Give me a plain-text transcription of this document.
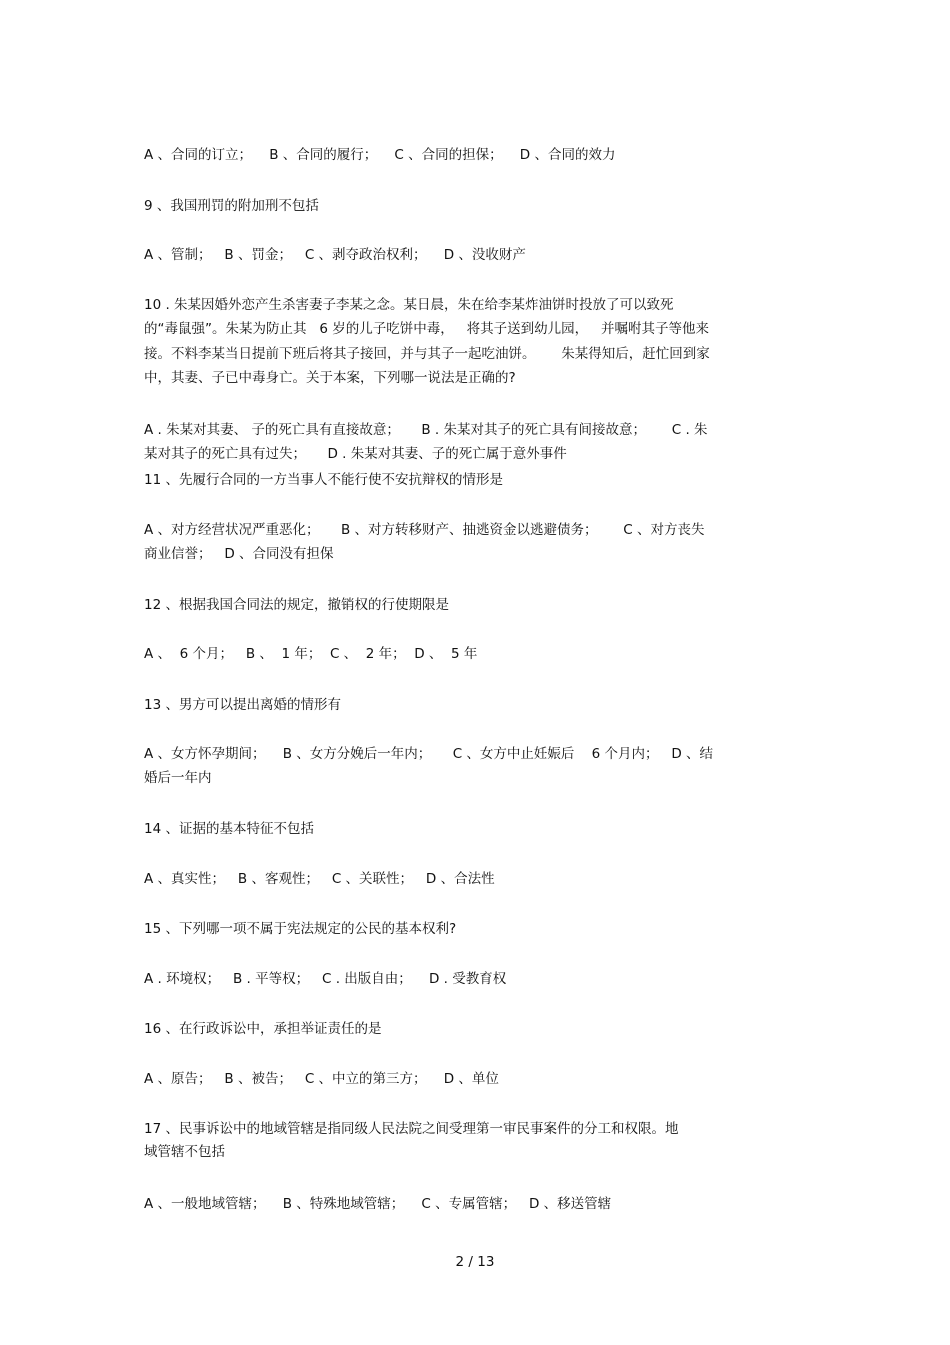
A 、合同的订立；    B 、合同的履行；    C 、合同的担保；    D 、合同的效力
9 、我国刑罚的附加刑不包括
A 、管制；   B 、罚金；   C 、剥夺政治权利；    D 、没收财产
10 . 朱某因婚外恋产生杀害妻子李某之念。某日晨，朱在给李某炸油饼时投放了可以致死
的“毒鼠强”。朱某为防止其   6 岁的儿子吃饼中毒，   将其子送到幼儿园，   并嘱咐其子等他来
接。不料李某当日提前下班后将其子接回，并与其子一起吃油饼。      朱某得知后，赶忙回到家
中，其妻、子已中毒身亡。关于本案，下列哪一说法是正确的?
A . 朱某对其妻、 子的死亡具有直接故意；     B . 朱某对其子的死亡具有间接故意；      C . 朱
某对其子的死亡具有过失；     D . 朱某对其妻、子的死亡属于意外事件
11 、先履行合同的一方当事人不能行使不安抗辩权的情形是
A 、对方经营状况严重恶化；     B 、对方转移财产、抽逃资金以逃避债务；      C 、对方丧失
商业信誉；   D 、合同没有担保
12 、根据我国合同法的规定，撤销权的行使期限是
A 、  6 个月；   B 、  1 年；  C 、  2 年；  D 、  5 年
13 、男方可以提出离婚的情形有
A 、女方怀孕期间；    B 、女方分娩后一年内；     C 、女方中止妊娠后    6 个月内；   D 、结
婚后一年内
14 、证据的基本特征不包括
A 、真实性；   B 、客观性；   C 、关联性；   D 、合法性
15 、下列哪一项不属于宪法规定的公民的基本权利?
A . 环境权；   B . 平等权；   C . 出版自由；    D . 受教育权
16 、在行政诉讼中，承担举证责任的是
A 、原告；   B 、被告；   C 、中立的第三方；    D 、单位
17 、民事诉讼中的地域管辖是指同级人民法院之间受理第一审民事案件的分工和权限。地
域管辖不包括
A 、一般地域管辖；    B 、特殊地域管辖；    C 、专属管辖；   D 、移送管辖
2 / 13
